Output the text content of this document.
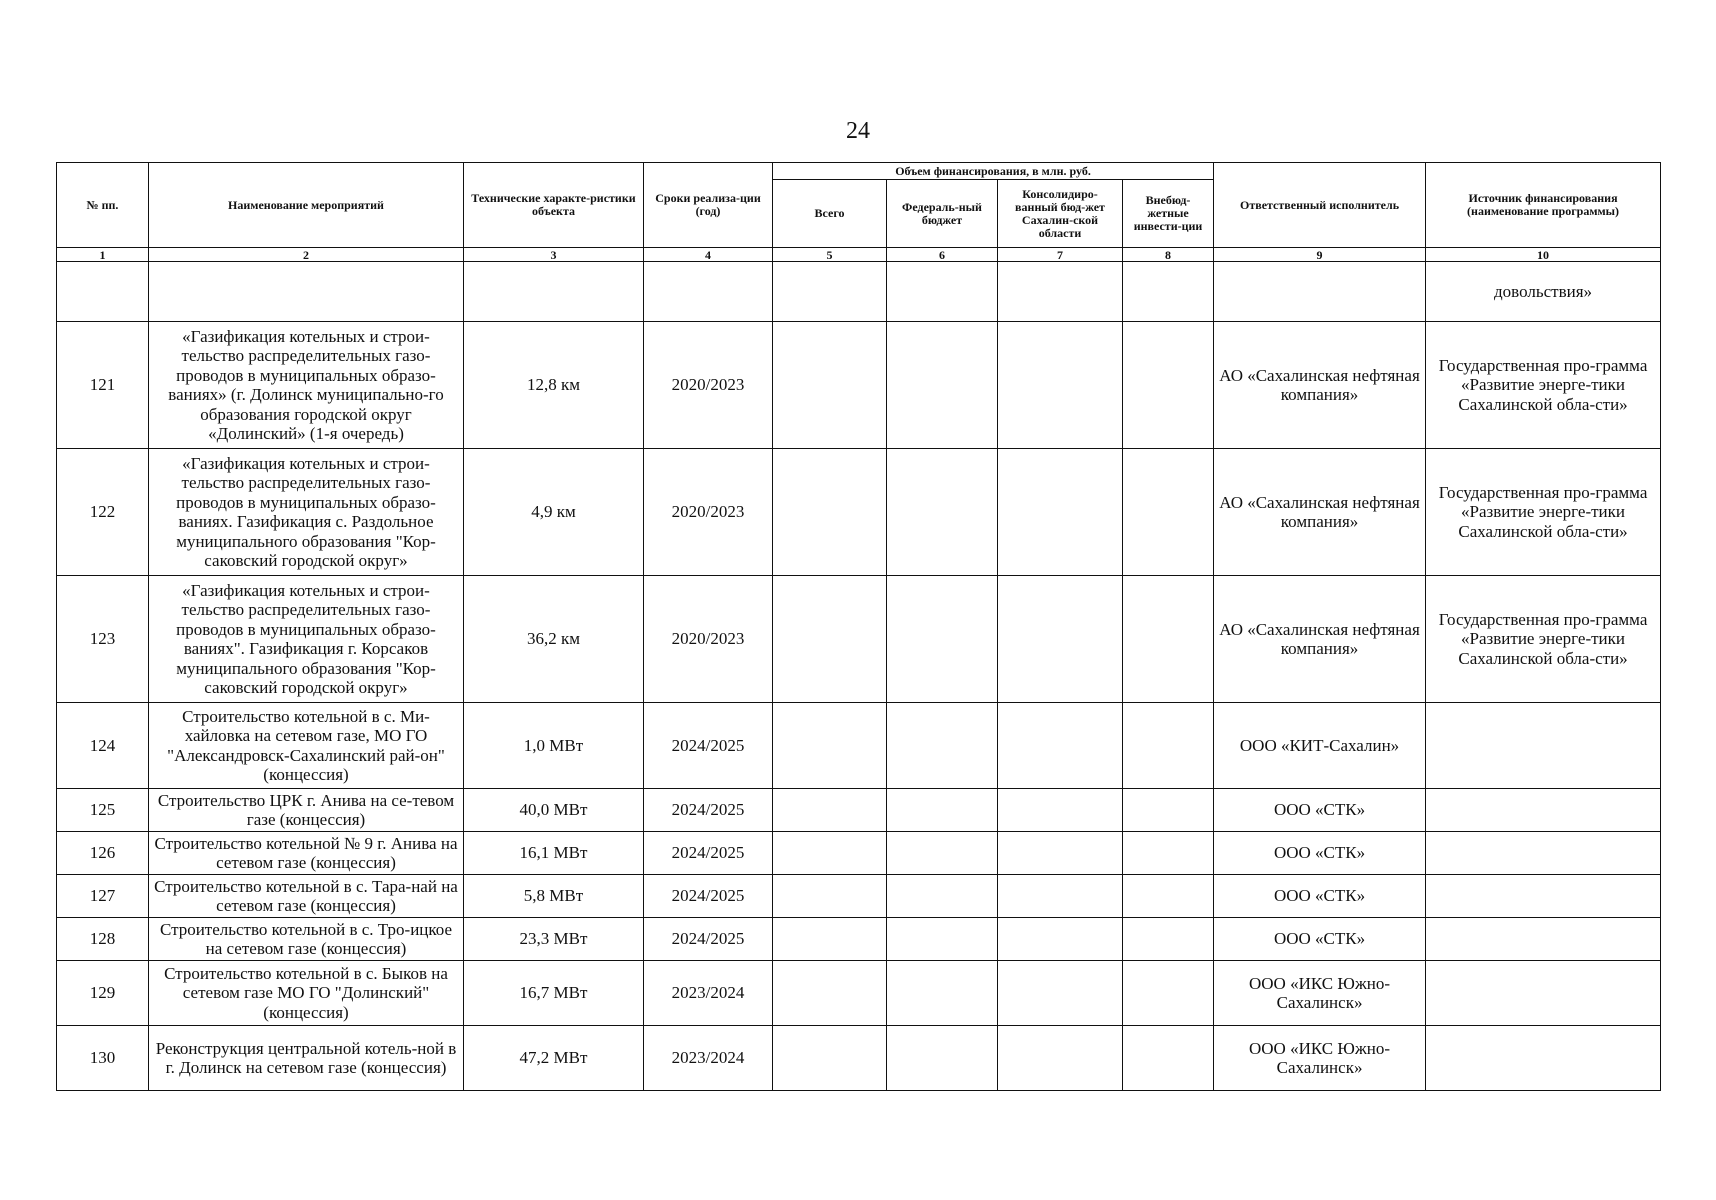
24
№ пп.	Наименование мероприятий	Технические характе-ристики объекта	Сроки реализа-ции (год)	Объем финансирования, в млн. руб.				Ответственный исполнитель	Источник финансирования (наименование программы)
				Всего	Федераль-ный бюджет	Консолидиро-ванный бюд-жет Сахалин-ской области	Внебюд-жетные инвести-ции		
1	2	3	4	5	6	7	8	9	10
									довольствия»
121	«Газификация котельных и строи-тельство распределительных газо-проводов в муниципальных образо-ваниях» (г. Долинск муниципально-го образования городской округ «Долинский» (1-я очередь)	12,8 км	2020/2023					АО «Сахалинская нефтяная компания»	Государственная про-грамма «Развитие энерге-тики Сахалинской обла-сти»
122	«Газификация котельных и строи-тельство распределительных газо-проводов в муниципальных образо-ваниях. Газификация с. Раздольное муниципального образования "Кор-саковский городской округ»	4,9 км	2020/2023					АО «Сахалинская нефтяная компания»	Государственная про-грамма «Развитие энерге-тики Сахалинской обла-сти»
123	«Газификация котельных и строи-тельство распределительных газо-проводов в муниципальных образо-ваниях". Газификация г. Корсаков муниципального образования "Кор-саковский городской округ»	36,2 км	2020/2023					АО «Сахалинская нефтяная компания»	Государственная про-грамма «Развитие энерге-тики Сахалинской обла-сти»
124	Строительство котельной в с. Ми-хайловка на сетевом газе, МО ГО "Александровск-Сахалинский рай-он" (концессия)	1,0 МВт	2024/2025					ООО «КИТ-Сахалин»	
125	Строительство ЦРК г. Анива на се-тевом газе (концессия)	40,0 МВт	2024/2025					ООО «СТК»	
126	Строительство котельной № 9 г. Анива на сетевом газе (концессия)	16,1 МВт	2024/2025					ООО «СТК»	
127	Строительство котельной в с. Тара-най на сетевом газе (концессия)	5,8 МВт	2024/2025					ООО «СТК»	
128	Строительство котельной в с. Тро-ицкое на сетевом газе (концессия)	23,3 МВт	2024/2025					ООО «СТК»	
129	Строительство котельной в с. Быков на сетевом газе МО ГО "Долинский" (концессия)	16,7 МВт	2023/2024					ООО «ИКС Южно-Сахалинск»	
130	Реконструкция центральной котель-ной в г. Долинск на сетевом газе (концессия)	47,2 МВт	2023/2024					ООО «ИКС Южно-Сахалинск»	
